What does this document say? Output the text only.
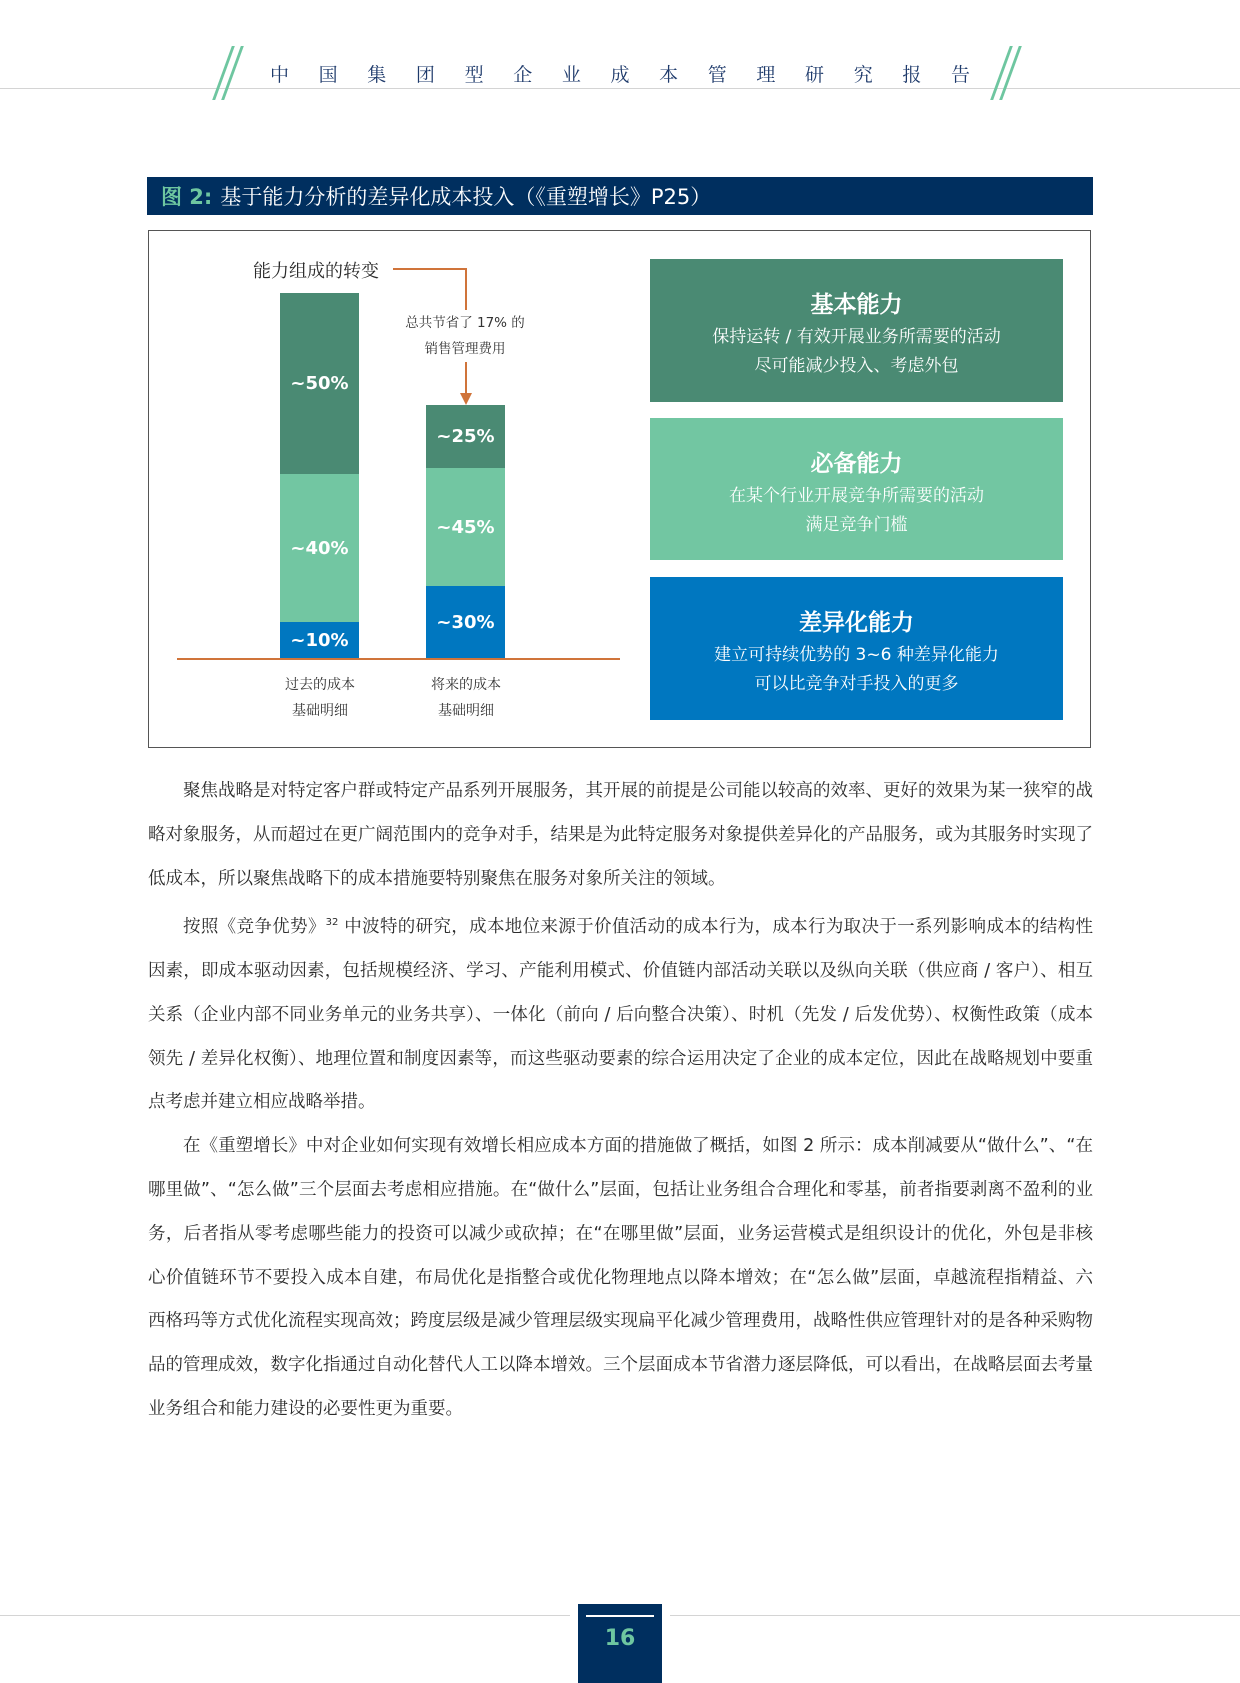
中 国 集 团 型 企 业 成 本 管 理 研 究 报 告
图 2: 基于能力分析的差异化成本投入（《重塑增长》P25）
能力组成的转变
总共节省了 17% 的
销售管理费用
~50%
~40%
~10%
~25%
~45%
~30%
过去的成本
基础明细
将来的成本
基础明细
基本能力
保持运转 / 有效开展业务所需要的活动
尽可能减少投入、考虑外包
必备能力
在某个行业开展竞争所需要的活动
满足竞争门槛
差异化能力
建立可持续优势的 3~6 种差异化能力
可以比竞争对手投入的更多

聚焦战略是对特定客户群或特定产品系列开展服务，其开展的前提是公司能以较高的效率、更好的效果为某一狭窄的战略对象服务，从而超过在更广阔范围内的竞争对手，结果是为此特定服务对象提供差异化的产品服务，或为其服务时实现了低成本，所以聚焦战略下的成本措施要特别聚焦在服务对象所关注的领域。

按照《竞争优势》$^{32}$ 中波特的研究，成本地位来源于价值活动的成本行为，成本行为取决于一系列影响成本的结构性因素，即成本驱动因素，包括规模经济、学习、产能利用模式、价值链内部活动关联以及纵向关联（供应商 / 客户）、相互关系（企业内部不同业务单元的业务共享）、一体化（前向 / 后向整合决策）、时机（先发 / 后发优势）、权衡性政策（成本领先 / 差异化权衡）、地理位置和制度因素等，而这些驱动要素的综合运用决定了企业的成本定位，因此在战略规划中要重点考虑并建立相应战略举措。

在《重塑增长》中对企业如何实现有效增长相应成本方面的措施做了概括，如图 2 所示：成本削减要从“做什么”、“在哪里做”、“怎么做”三个层面去考虑相应措施。在“做什么”层面，包括让业务组合合理化和零基，前者指要剥离不盈利的业务，后者指从零考虑哪些能力的投资可以减少或砍掉；在“在哪里做”层面，业务运营模式是组织设计的优化，外包是非核心价值链环节不要投入成本自建，布局优化是指整合或优化物理地点以降本增效；在“怎么做”层面，卓越流程指精益、六西格玛等方式优化流程实现高效；跨度层级是减少管理层级实现扁平化减少管理费用，战略性供应管理针对的是各种采购物品的管理成效，数字化指通过自动化替代人工以降本增效。三个层面成本节省潜力逐层降低，可以看出，在战略层面去考量业务组合和能力建设的必要性更为重要。

16
